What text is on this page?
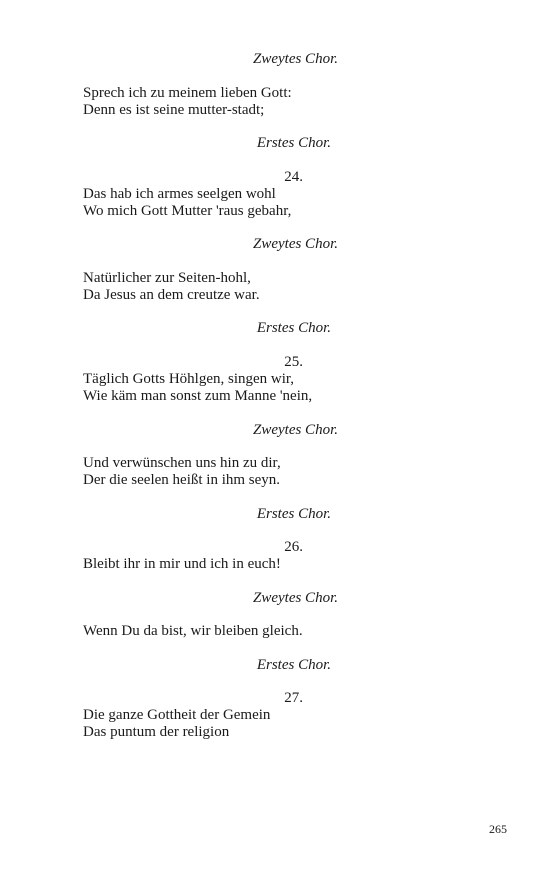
Zweytes Chor.
Sprech ich zu meinem lieben Gott:
Denn es ist seine mutter-stadt;
Erstes Chor.
24.
Das hab ich armes seelgen wohl
Wo mich Gott Mutter 'raus gebahr,
Zweytes Chor.
Natürlicher zur Seiten-hohl,
Da Jesus an dem creutze war.
Erstes Chor.
25.
Täglich Gotts Höhlgen, singen wir,
Wie käm man sonst zum Manne 'nein,
Zweytes Chor.
Und verwünschen uns hin zu dir,
Der die seelen heißt in ihm seyn.
Erstes Chor.
26.
Bleibt ihr in mir und ich in euch!
Zweytes Chor.
Wenn Du da bist, wir bleiben gleich.
Erstes Chor.
27.
Die ganze Gottheit der Gemein
Das puntum der religion
265
